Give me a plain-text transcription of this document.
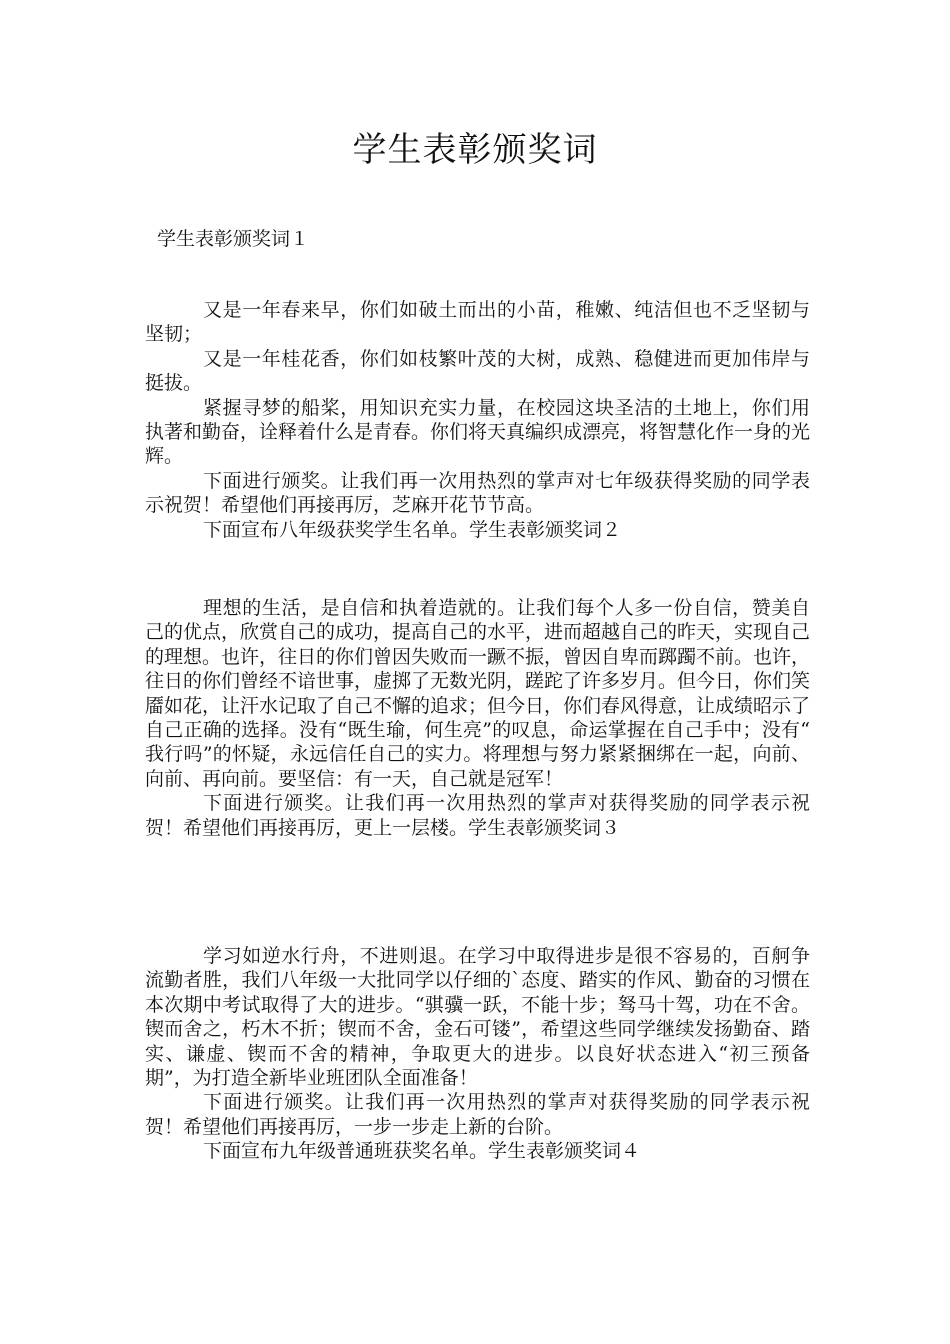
学生表彰颁奖词
学生表彰颁奖词１

又是一年春来早，你们如破土而出的小苗，稚嫩、纯洁但也不乏坚韧与坚韧；

又是一年桂花香，你们如枝繁叶茂的大树，成熟、稳健进而更加伟岸与挺拔。

紧握寻梦的船桨，用知识充实力量，在校园这块圣洁的土地上，你们用执著和勤奋，诠释着什么是青春。你们将天真编织成漂亮，将智慧化作一身的光辉。

下面进行颁奖。让我们再一次用热烈的掌声对七年级获得奖励的同学表示祝贺！希望他们再接再厉，芝麻开花节节高。

下面宣布八年级获奖学生名单。学生表彰颁奖词２

理想的生活，是自信和执着造就的。让我们每个人多一份自信，赞美自己的优点，欣赏自己的成功，提高自己的水平，进而超越自己的昨天，实现自己的理想。也许，往日的你们曾因失败而一蹶不振，曾因自卑而踯躅不前。也许，往日的你们曾经不谙世事，虚掷了无数光阴，蹉跎了许多岁月。但今日，你们笑靥如花，让汗水记取了自己不懈的追求；但今日，你们春风得意，让成绩昭示了自己正确的选择。没有“既生瑜，何生亮”的叹息，命运掌握在自己手中；没有“ 我行吗”的怀疑，永远信任自己的实力。将理想与努力紧紧捆绑在一起，向前、向前、再向前。要坚信：有一天，自己就是冠军！

下面进行颁奖。让我们再一次用热烈的掌声对获得奖励的同学表示祝贺！希望他们再接再厉，更上一层楼。学生表彰颁奖词３

学习如逆水行舟，不进则退。在学习中取得进步是很不容易的，百舸争流勤者胜，我们八年级一大批同学以仔细的`态度、踏实的作风、勤奋的习惯在本次期中考试取得了大的进步。“骐骥一跃，不能十步；驽马十驾，功在不舍。锲而舍之，朽木不折；锲而不舍，金石可镂”，希望这些同学继续发扬勤奋、踏实、谦虚、锲而不舍的精神，争取更大的进步。以良好状态进入“初三预备期”，为打造全新毕业班团队全面准备！

下面进行颁奖。让我们再一次用热烈的掌声对获得奖励的同学表示祝贺！希望他们再接再厉，一步一步走上新的台阶。

下面宣布九年级普通班获奖名单。学生表彰颁奖词４
